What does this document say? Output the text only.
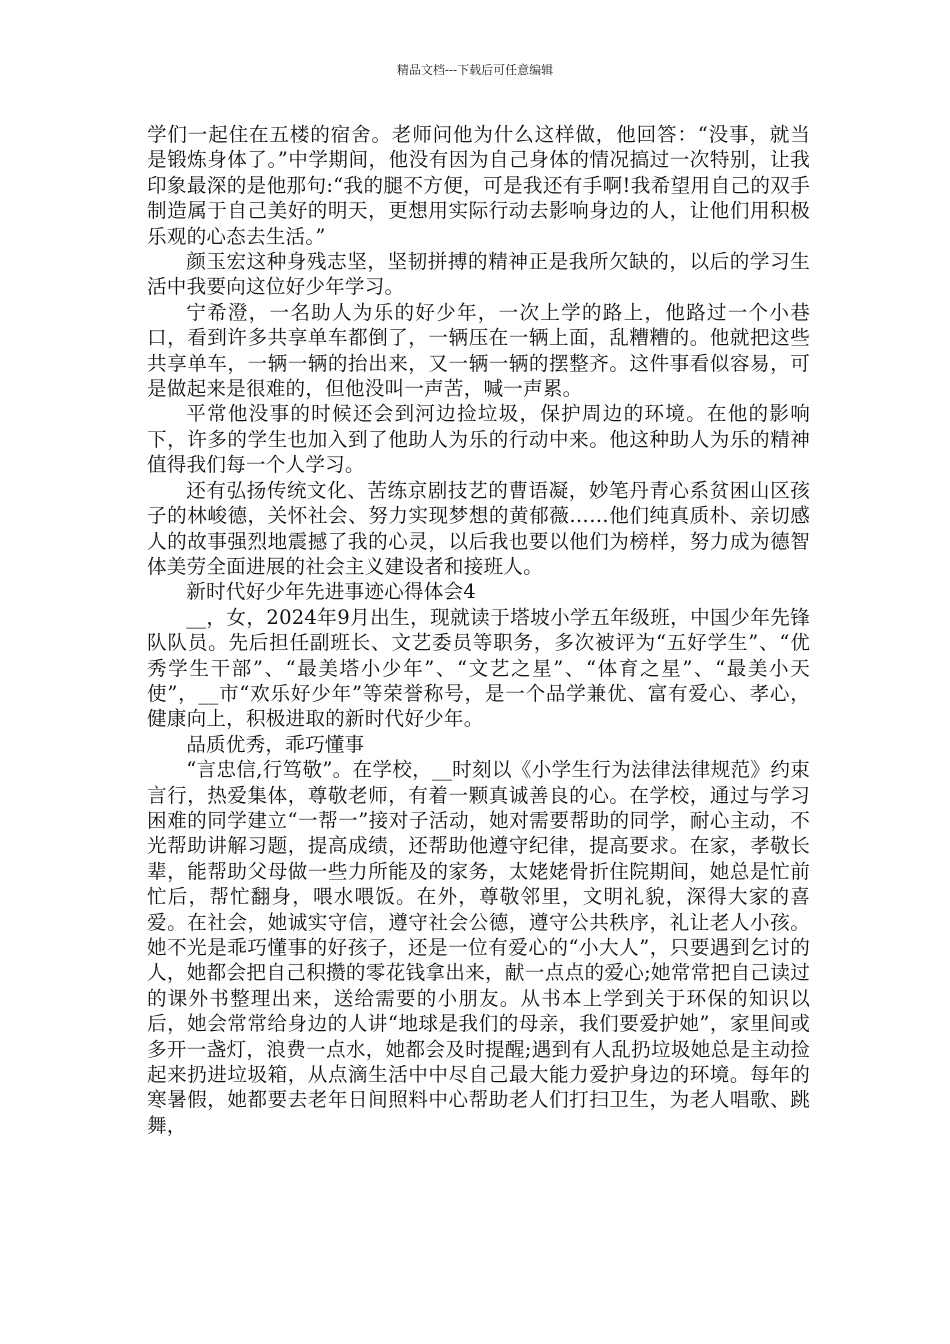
精品文档---下载后可任意编辑

学们一起住在五楼的宿舍。老师问他为什么这样做，他回答：“没事，就当是锻炼身体了。”中学期间，他没有因为自己身体的情况搞过一次特别，让我印象最深的是他那句:“我的腿不方便，可是我还有手啊!我希望用自己的双手制造属于自己美好的明天，更想用实际行动去影响身边的人，让他们用积极乐观的心态去生活。”

颜玉宏这种身残志坚，坚韧拼搏的精神正是我所欠缺的，以后的学习生活中我要向这位好少年学习。

宁希澄，一名助人为乐的好少年，一次上学的路上，他路过一个小巷口，看到许多共享单车都倒了，一辆压在一辆上面，乱糟糟的。他就把这些共享单车，一辆一辆的抬出来，又一辆一辆的摆整齐。这件事看似容易，可是做起来是很难的，但他没叫一声苦，喊一声累。

平常他没事的时候还会到河边捡垃圾，保护周边的环境。在他的影响下，许多的学生也加入到了他助人为乐的行动中来。他这种助人为乐的精神值得我们每一个人学习。

还有弘扬传统文化、苦练京剧技艺的曹语凝，妙笔丹青心系贫困山区孩子的林峻德，关怀社会、努力实现梦想的黄郁薇……他们纯真质朴、亲切感人的故事强烈地震撼了我的心灵，以后我也要以他们为榜样，努力成为德智体美劳全面进展的社会主义建设者和接班人。

新时代好少年先进事迹心得体会4

__，女，2024年9月出生，现就读于塔坡小学五年级班，中国少年先锋队队员。先后担任副班长、文艺委员等职务，多次被评为“五好学生”、“优秀学生干部”、“最美塔小少年”、“文艺之星”、“体育之星”、“最美小天使”，__市“欢乐好少年”等荣誉称号，是一个品学兼优、富有爱心、孝心，健康向上，积极进取的新时代好少年。

品质优秀，乖巧懂事

“言忠信,行笃敬”。在学校，__时刻以《小学生行为法律法律规范》约束言行，热爱集体，尊敬老师，有着一颗真诚善良的心。在学校，通过与学习困难的同学建立“一帮一”接对子活动，她对需要帮助的同学，耐心主动，不光帮助讲解习题，提高成绩，还帮助他遵守纪律，提高要求。在家，孝敬长辈，能帮助父母做一些力所能及的家务，太姥姥骨折住院期间，她总是忙前忙后，帮忙翻身，喂水喂饭。在外，尊敬邻里，文明礼貌，深得大家的喜爱。在社会，她诚实守信，遵守社会公德，遵守公共秩序，礼让老人小孩。她不光是乖巧懂事的好孩子，还是一位有爱心的“小大人”，只要遇到乞讨的人，她都会把自己积攒的零花钱拿出来，献一点点的爱心;她常常把自己读过的课外书整理出来，送给需要的小朋友。从书本上学到关于环保的知识以后，她会常常给身边的人讲“地球是我们的母亲，我们要爱护她”，家里间或多开一盏灯，浪费一点水，她都会及时提醒;遇到有人乱扔垃圾她总是主动捡起来扔进垃圾箱，从点滴生活中中尽自己最大能力爱护身边的环境。每年的寒暑假，她都要去老年日间照料中心帮助老人们打扫卫生，为老人唱歌、跳舞，
